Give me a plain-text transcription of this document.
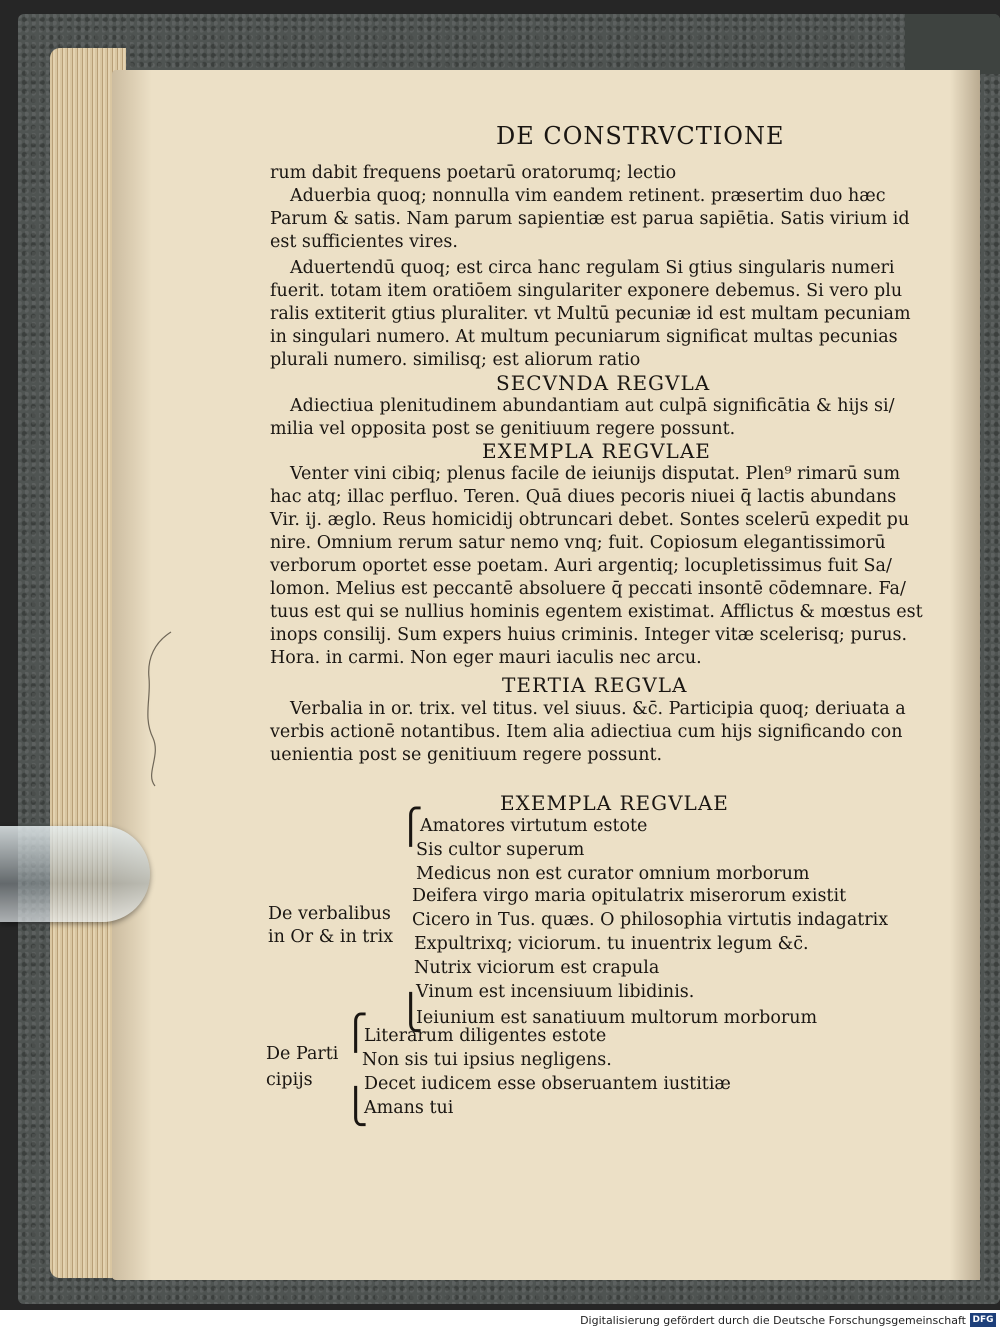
DE CONSTRVCTIONE
rum dabit frequens poetarū oratorumq; lectio
Aduerbia quoq; nonnulla vim eandem retinent. præsertim duo hæc
Parum & satis. Nam parum sapientiæ est parua sapiētia. Satis virium id
est sufficientes vires.
Aduertendū quoq; est circa hanc regulam Si gtius singularis numeri
fuerit. totam item oratiōem singulariter exponere debemus. Si vero plu
ralis extiterit gtius pluraliter. vt Multū pecuniæ id est multam pecuniam
in singulari numero. At multum pecuniarum significat multas pecunias
plurali numero. similisq; est aliorum ratio
SECVNDA REGVLA
Adiectiua plenitudinem abundantiam aut culpā significātia & hijs si/
milia vel opposita post se genitiuum regere possunt.
EXEMPLA REGVLAE
Venter vini cibiq; plenus facile de ieiunijs disputat. Plen⁹ rimarū sum
hac atq; illac perfluo. Teren. Quā diues pecoris niuei q̄ lactis abundans
Vir. ij. æglo. Reus homicidij obtruncari debet. Sontes scelerū expedit pu
nire. Omnium rerum satur nemo vnq; fuit. Copiosum elegantissimorū
verborum oportet esse poetam. Auri argentiq; locupletissimus fuit Sa/
lomon. Melius est peccantē absoluere q̄ peccati insontē cōdemnare. Fa/
tuus est qui se nullius hominis egentem existimat. Afflictus & mœstus est
inops consilij. Sum expers huius criminis. Integer vitæ scelerisq; purus.
Hora. in carmi. Non eger mauri iaculis nec arcu.
TERTIA REGVLA
Verbalia in or. trix. vel titus. vel siuus. &c̄. Participia quoq; deriuata a
verbis actionē notantibus. Item alia adiectiua cum hijs significando con
uenientia post se genitiuum regere possunt.
EXEMPLA REGVLAE
⎧
⎩
De verbalibus
in Or & in trix
Amatores virtutum estote
Sis cultor superum
Medicus non est curator omnium morborum
Deifera virgo maria opitulatrix miserorum existit
Cicero in Tus. quæs. O philosophia virtutis indagatrix
Expultrixq; viciorum. tu inuentrix legum &c̄.
Nutrix viciorum est crapula
Vinum est incensiuum libidinis.
Ieiunium est sanatiuum multorum morborum
⎧
⎩
De Parti
cipijs
Literarum diligentes estote
Non sis tui ipsius negligens.
Decet iudicem esse obseruantem iustitiæ
Amans tui
Digitalisierung gefördert durch die Deutsche Forschungsgemeinschaft DFG
